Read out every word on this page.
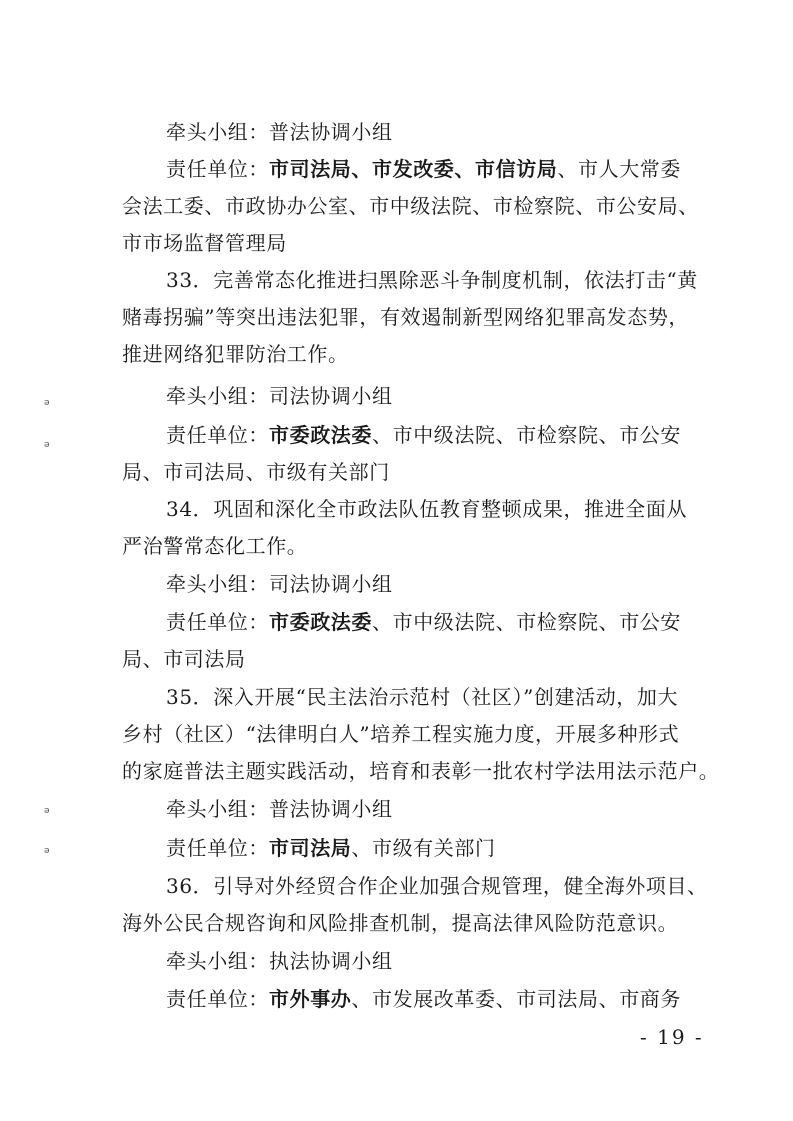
ǝ
ǝ
ǝ
ǝ
牵头小组：普法协调小组
责任单位：市司法局、市发改委、市信访局、市人大常委
会法工委、市政协办公室、市中级法院、市检察院、市公安局、
市市场监督管理局
33．完善常态化推进扫黑除恶斗争制度机制，依法打击“黄
赌毒拐骗”等突出违法犯罪，有效遏制新型网络犯罪高发态势，
推进网络犯罪防治工作。
牵头小组：司法协调小组
责任单位：市委政法委、市中级法院、市检察院、市公安
局、市司法局、市级有关部门
34．巩固和深化全市政法队伍教育整顿成果，推进全面从
严治警常态化工作。
牵头小组：司法协调小组
责任单位：市委政法委、市中级法院、市检察院、市公安
局、市司法局
35．深入开展“民主法治示范村（社区）”创建活动，加大
乡村（社区）“法律明白人”培养工程实施力度，开展多种形式
的家庭普法主题实践活动，培育和表彰一批农村学法用法示范户。
牵头小组：普法协调小组
责任单位：市司法局、市级有关部门
36．引导对外经贸合作企业加强合规管理，健全海外项目、
海外公民合规咨询和风险排查机制，提高法律风险防范意识。
牵头小组：执法协调小组
责任单位：市外事办、市发展改革委、市司法局、市商务
- 19 -
